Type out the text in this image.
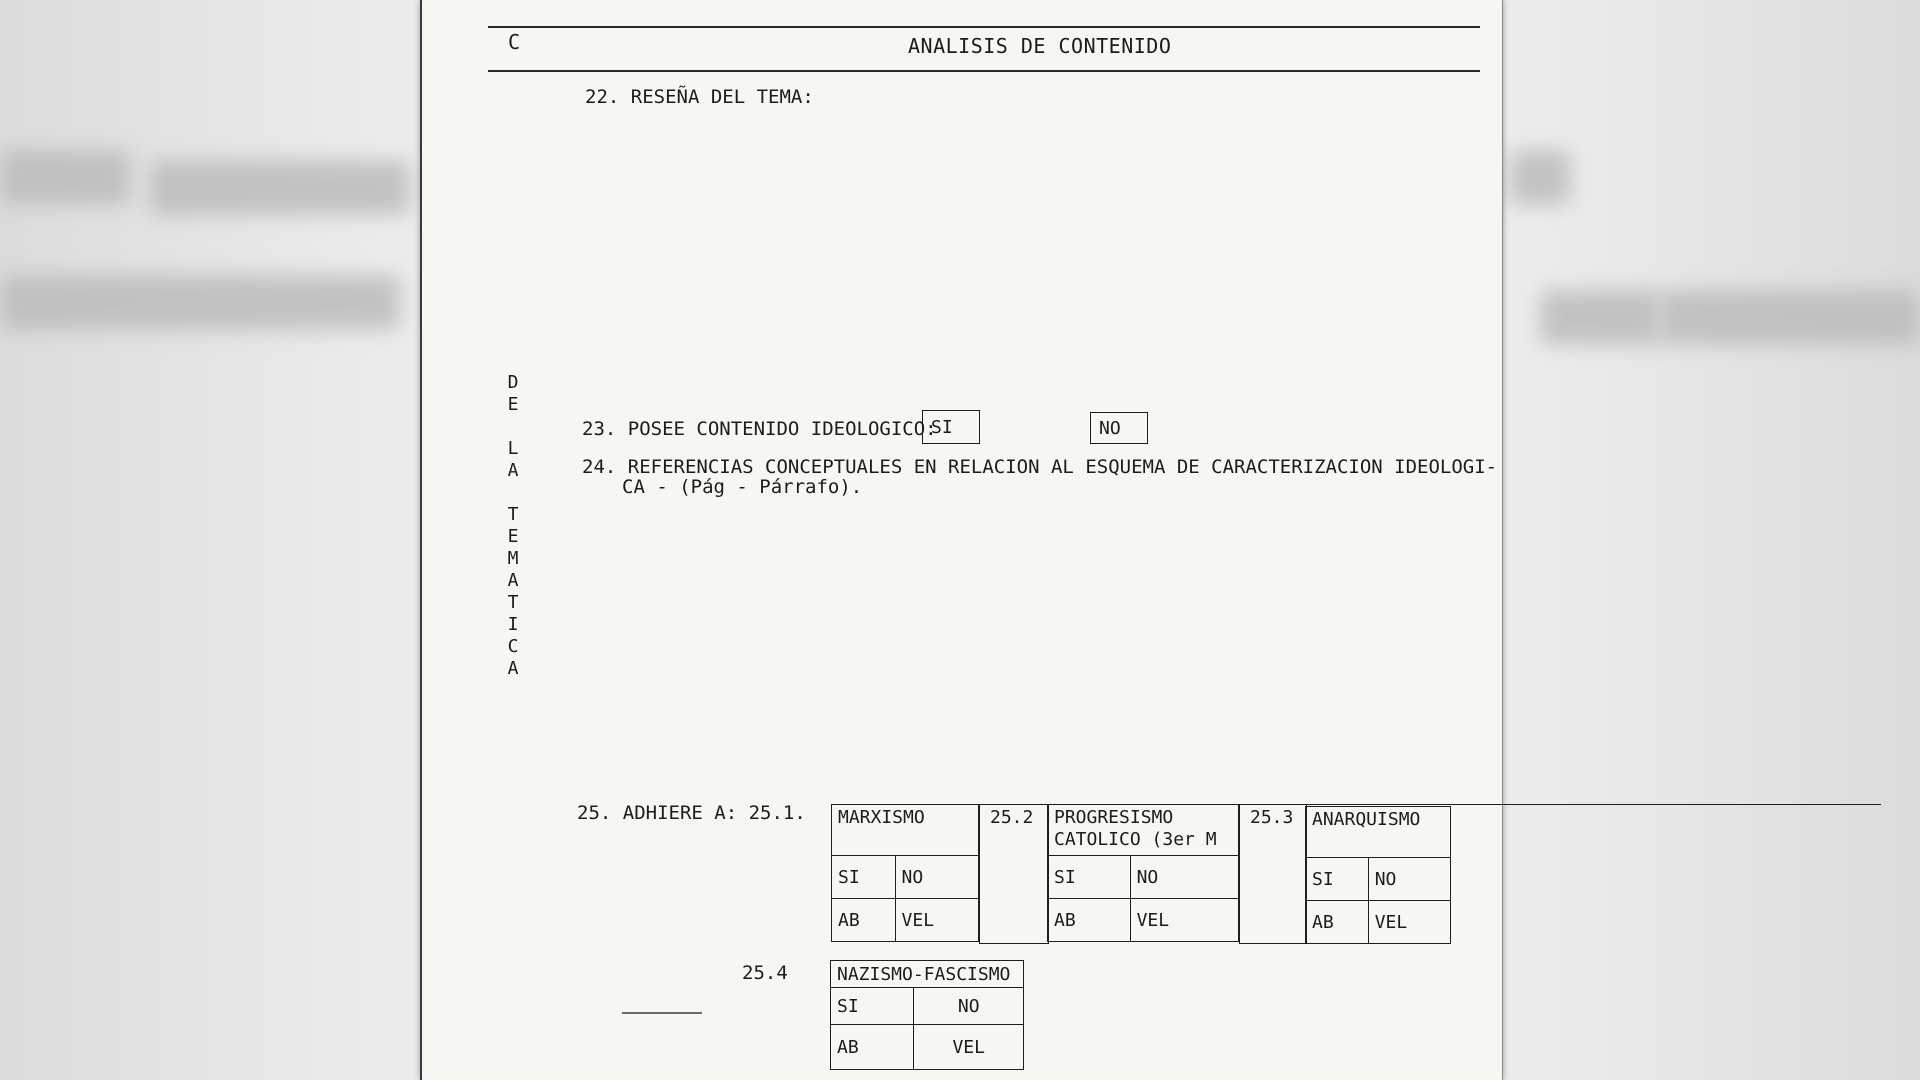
C	ANALISIS DE CONTENIDO
22. RESEÑA DEL TEMA:
D
E
L
A
T
E
M
A
T
I
C
A
23. POSEE CONTENIDO IDEOLOGICO:
SI	NO
24. REFERENCIAS CONCEPTUALES EN RELACION AL ESQUEMA DE CARACTERIZACION IDEOLOGI-
CA - (Pág - Párrafo).
25. ADHIERE A: 25.1. MARXISMO	
SI	NO
AB	VEL
25.2 PROGRESISMO
CATOLICO (3er M	
SI	NO
AB	VEL
25.3 ANARQUISMO	
SI	NO
AB	VEL
25.4	NAZISMO-FASCISMO	
SI	NO
AB	VEL
